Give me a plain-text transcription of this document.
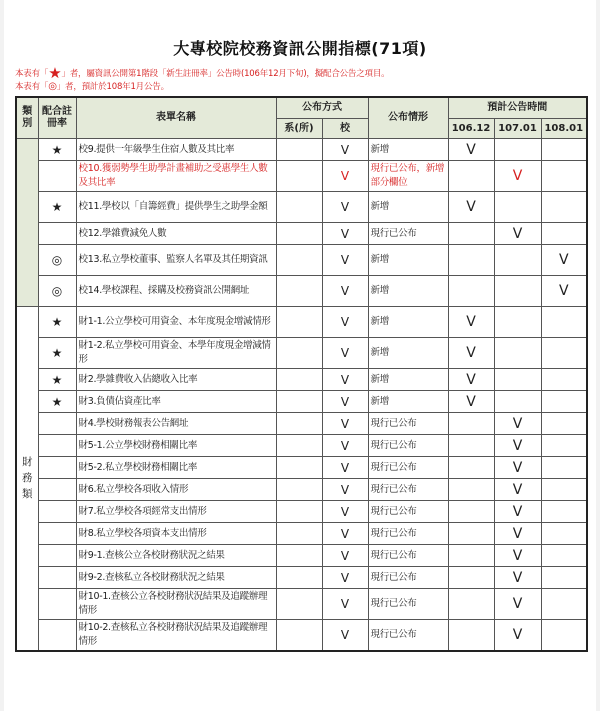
大專校院校務資訊公開指標(71項)
本表有「★」者，屬資訊公開第1階段「新生註冊率」公告時(106年12月下旬)，擬配合公告之項目。
本表有「◎」者，預計於108年1月公告。
類別	配合註冊率	表單名稱	公布方式		公布情形	預計公告時間		
			系(所)	校		106.12	107.01	108.01
	★	校9.提供一年級學生住宿人數及其比率		V	新增	V		
		校10.獲弱勢學生助學計畫補助之受惠學生人數及其比率		V	現行已公布，新增部分欄位		V	
	★	校11.學校以「自籌經費」提供學生之助學金額		V	新增	V		
		校12.學雜費減免人數		V	現行已公布		V	
	◎	校13.私立學校董事、監察人名單及其任期資訊		V	新增			V
	◎	校14.學校課程、採購及校務資訊公開網址		V	新增			V
財
務
類	★	財1-1.公立學校可用資金、本年度現金增減情形		V	新增	V		
	★	財1-2.私立學校可用資金、本學年度現金增減情形		V	新增	V		
	★	財2.學雜費收入佔總收入比率		V	新增	V		
	★	財3.負債佔資產比率		V	新增	V		
		財4.學校財務報表公告網址		V	現行已公布		V	
		財5-1.公立學校財務相關比率		V	現行已公布		V	
		財5-2.私立學校財務相關比率		V	現行已公布		V	
		財6.私立學校各項收入情形		V	現行已公布		V	
		財7.私立學校各項經常支出情形		V	現行已公布		V	
		財8.私立學校各項資本支出情形		V	現行已公布		V	
		財9-1.查核公立各校財務狀況之結果		V	現行已公布		V	
		財9-2.查核私立各校財務狀況之結果		V	現行已公布		V	
		財10-1.查核公立各校財務狀況結果及追蹤辦理情形		V	現行已公布		V	
		財10-2.查核私立各校財務狀況結果及追蹤辦理情形		V	現行已公布		V	
